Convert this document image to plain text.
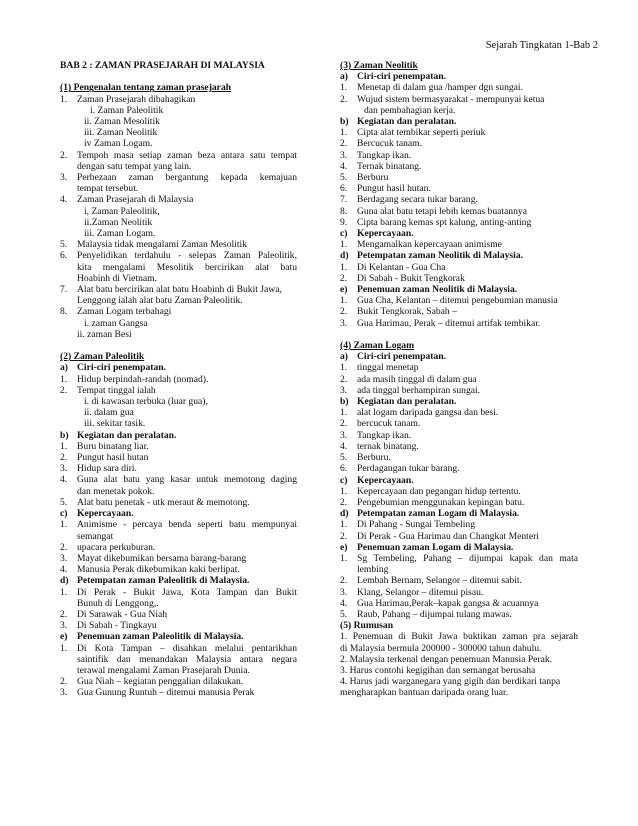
Sejarah Tingkatan 1-Bab 2
BAB 2 : ZAMAN PRASEJARAH DI MALAYSIA
(1) Pengenalan tentang zaman prasejarah
1. Zaman Prasejarah dibahagikan
i. Zaman Paleolitik
ii. Zaman Mesolitik
iii. Zaman Neolitik
iv Zaman Logam.
2. Tempoh masa setiap zaman beza antara satu tempat
dengan satu tempat yang lain.
3. Perbezaan zaman bergantung kepada kemajuan
tempat tersebut.
4. Zaman Prasejarah di Malaysia
i, Zaman Paleolitik,
ii.Zaman Neolitik
iii. Zaman Logam.
5. Malaysia tidak mengalami Zaman Mesolitik
6. Penyelidikan terdahulu - selepas Zaman Paleolitik,
kita mengalami Mesolitik bercirikan alat batu
Hoabinh di Vietnam.
7. Alat batu bercirikan alat batu Hoabinh di Bukit Jawa,
Lenggong ialah alat batu Zaman Paleolitik.
8. Zaman Logam terbahagi
i. zaman Gangsa
ii. zaman Besi
(2) Zaman Paleolitik
a) Ciri-ciri penempatan.
1. Hidup berpindah-randah (nomad).
2. Tempat tinggal ialah
i. di kawasan terbuka (luar gua),
ii. dalam gua
iii. sekitar tasik.
b) Kegiatan dan peralatan.
1. Buru binatang liar.
2. Pungut hasil hutan
3. Hidup sara diri.
4. Guna alat batu yang kasar untuk memotong daging
dan menetak pokok.
5. Alat batu penetak - utk meraut & memotong.
c) Kepercayaan.
1. Animisme - percaya benda seperti batu mempunyai
semangat
2. upacara perkuburan.
3. Mayat dikebumikan bersama barang-barang
4. Manusia Perak dikebumikan kaki berlipat.
d) Petempatan zaman Paleolitik di Malaysia.
1. Di Perak - Bukit Jawa, Kota Tampan dan Bukit
Bunuh di Lenggong,.
2. Di Sarawak - Gua Niah
3. Di Sabah - Tingkayu
e) Penemuan zaman Paleolitik di Malaysia.
1. Di Kota Tampan – disahkan melalui pentarikhan
saintifik dan menandakan Malaysia antara negara
terawal mengalami Zaman Prasejarah Dunia.
2. Gua Niah – kegiatan penggalian dilakukan.
3. Gua Gunung Runtuh – ditemui manusia Perak
(3) Zaman Neolitik
a) Ciri-ciri penempatan.
1. Menetap di dalam gua /hamper dgn sungai.
2. Wujud sistem bermasyarakat - mempunyai ketua
dan pembahagian kerja.
b) Kegiatan dan peralatan.
1. Cipta alat tembikar seperti periuk
2. Bercucuk tanam.
3. Tangkap ikan.
4. Ternak binatang.
5. Berburu
6. Pungut hasil hutan.
7. Berdagang secara tukar barang.
8. Guna alat batu tetapi lebih kemas buatannya
9. Cipta barang kemas spt kalung, anting-anting
c) Kepercayaan.
1. Mengamalkan kepercayaan animisme
d) Petempatan zaman Neolitik di Malaysia.
1. Di Kelantan - Gua Cha
2. Di Sabah - Bukit Tengkorak
e) Penemuan zaman Neolitik di Malaysia.
1. Gua Cha, Kelantan – ditemui pengebumian manusia
2. Bukit Tengkorak, Sabah –
3. Gua Harimau, Perak – ditemui artifak tembikar.
(4) Zaman Logam
a) Ciri-ciri penempatan.
1. tinggal menetap
2. ada masih tinggal di dalam gua
3. ada tinggal berhampiran sungai.
b) Kegiatan dan peralatan.
1. alat logam daripada gangsa dan besi.
2. bercucuk tanam.
3. Tangkap ikan.
4. ternak binatang.
5. Berburu.
6. Perdagangan tukar barang.
c) Kepercayaan.
1. Kepercayaan dan pegangan hidup tertentu.
2. Pengebumian menggunakan kepingan batu.
d) Petempatan zaman Logam di Malaysia.
1. Di Pahang - Sungai Tembeling
2. Di Perak - Gua Harimau dan Changkat Menteri
e) Penemuan zaman Logam di Malaysia.
1. Sg Tembeling, Pahang – dijumpai kapak dan mata
lembing
2. Lembah Bernam, Selangor – ditemui sabit.
3. Klang, Selangor – ditemui pisau.
4. Gua Harimau,Perak–kapak gangsa & acuannya
5. Raub, Pahang – dijumpai tulang mawas.
(5) Rumusan
1. Penemuan di Bukit Jawa buktikan zaman pra sejarah
di Malaysia bermula 200000 - 300000 tahun dahulu.
2. Malaysia terkenal dengan penemuan Manusia Perak.
3. Harus contohi kegigihan dan semangat berusaha
4. Harus jadi warganegara yang gigih dan berdikari tanpa
mengharapkan bantuan daripada orang luar.
